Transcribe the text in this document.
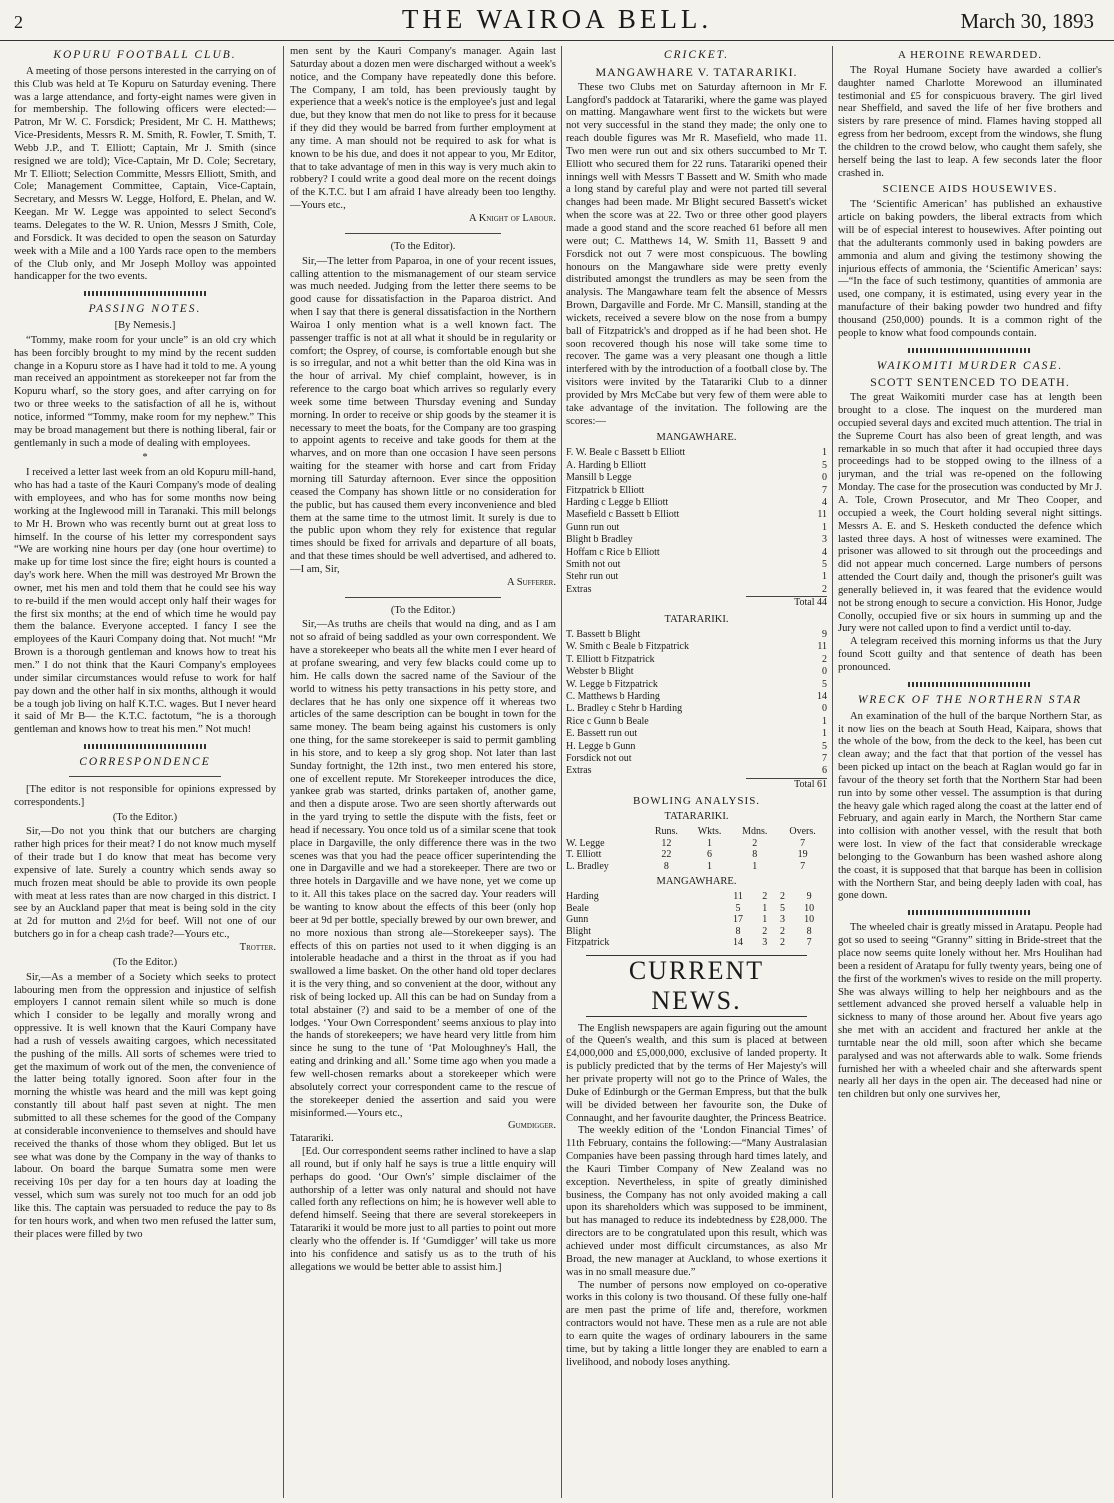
2	THE WAIROA BELL.	March 30, 1893
KOPURU FOOTBALL CLUB.

A meeting of those persons interested in the carrying on of this Club was held at Te Kopuru on Saturday evening. There was a large attendance, and forty-eight names were given in for membership. The following officers were elected:—Patron, Mr W. C. Forsdick; President, Mr C. H. Matthews; Vice-Presidents, Messrs R. M. Smith, R. Fowler, T. Smith, T. Webb J.P., and T. Elliott; Captain, Mr J. Smith (since resigned we are told); Vice-Captain, Mr D. Cole; Secretary, Mr T. Elliott; Selection Committe, Messrs Elliott, Smith, and Cole; Management Committee, Captain, Vice-Captain, Secretary, and Messrs W. Legge, Holford, E. Phelan, and W. Keegan. Mr W. Legge was appointed to select Second's teams. Delegates to the W. R. Union, Messrs J Smith, Cole, and Forsdick. It was decided to open the season on Saturday week with a Mile and a 100 Yards race open to the members of the Club only, and Mr Joseph Molloy was appointed handicapper for the two events.

PASSING NOTES.
[By Nemesis.]

“Tommy, make room for your uncle” is an old cry which has been forcibly brought to my mind by the recent sudden change in a Kopuru store as I have had it told to me. A young man received an appointment as storekeeper not far from the Kopuru wharf, so the story goes, and after carrying on for two or three weeks to the satisfaction of all he is, without notice, informed “Tommy, make room for my nephew.” This may be broad management but there is nothing liberal, fair or gentlemanly in such a mode of dealing with employees.

*

I received a letter last week from an old Kopuru mill-hand, who has had a taste of the Kauri Company's mode of dealing with employees, and who has for some months now being working at the Inglewood mill in Taranaki. This mill belongs to Mr H. Brown who was recently burnt out at great loss to himself. In the course of his letter my correspondent says “We are working nine hours per day (one hour overtime) to make up for time lost since the fire; eight hours is counted a day's work here. When the mill was destroyed Mr Brown the owner, met his men and told them that he could see his way to re-build if the men would accept only half their wages for the first six months; at the end of which time he would pay them the balance. Everyone accepted. I fancy I see the employees of the Kauri Company doing that. Not much! “Mr Brown is a thorough gentleman and knows how to treat his men.” I do not think that the Kauri Company's employees under similar circumstances would refuse to work for half pay down and the other half in six months, although it would be a tough job living on half K.T.C. wages. But I never heard it said of Mr B— the K.T.C. factotum, “he is a thorough gentleman and knows how to treat his men.” Not much!

CORRESPONDENCE

[The editor is not responsible for opinions expressed by correspondents.]

(To the Editor.)

Sir,—Do not you think that our butchers are charging rather high prices for their meat? I do not know much myself of their trade but I do know that meat has become very expensive of late. Surely a country which sends away so much frozen meat should be able to provide its own people with meat at less rates than are now charged in this district. I see by an Auckland paper that meat is being sold in the city at 2d for mutton and 2½d for beef. Will not one of our butchers go in for a cheap cash trade?—Yours etc.,

Trotter.

(To the Editor.)

Sir,—As a member of a Society which seeks to protect labouring men from the oppression and injustice of selfish employers I cannot remain silent while so much is done which I consider to be legally and morally wrong and oppressive. It is well known that the Kauri Company have had a rush of vessels awaiting cargoes, which necessitated the pushing of the mills. All sorts of schemes were tried to get the maximum of work out of the men, the convenience of the latter being totally ignored. Soon after four in the morning the whistle was heard and the mill was kept going constantly till about half past seven at night. The men submitted to all these schemes for the good of the Company at considerable inconvenience to themselves and should have received the thanks of those whom they obliged. But let us see what was done by the Company in the way of thanks to labour. On board the barque Sumatra some men were receiving 10s per day for a ten hours day at loading the vessel, which sum was surely not too much for an odd job like this. The captain was persuaded to reduce the pay to 8s for ten hours work, and when two men refused the latter sum, their places were filled by two

men sent by the Kauri Company's manager. Again last Saturday about a dozen men were discharged without a week's notice, and the Company have repeatedly done this before. The Company, I am told, has been previously taught by experience that a week's notice is the employee's just and legal due, but they know that men do not like to press for it because if they did they would be barred from further employment at any time. A man should not be required to ask for what is known to be his due, and does it not appear to you, Mr Editor, that to take advantage of men in this way is very much akin to robbery? I could write a good deal more on the recent doings of the K.T.C. but I am afraid I have already been too lengthy.—Yours etc.,

A Knight of Labour.

(To the Editor).

Sir,—The letter from Paparoa, in one of your recent issues, calling attention to the mismanagement of our steam service was much needed. Judging from the letter there seems to be good cause for dissatisfaction in the Paparoa district. And when I say that there is general dissatisfaction in the Northern Wairoa I only mention what is a well known fact. The passenger traffic is not at all what it should be in regularity or comfort; the Osprey, of course, is comfortable enough but she is so irregular, and not a whit better than the old Kina was in the hour of arrival. My chief complaint, however, is in reference to the cargo boat which arrives so regularly every week some time between Thursday evening and Sunday morning. In order to receive or ship goods by the steamer it is necessary to meet the boats, for the Company are too grasping to appoint agents to receive and take goods for them at the wharves, and on more than one occasion I have seen persons waiting for the steamer with horse and cart from Friday morning till Saturday afternoon. Ever since the opposition ceased the Company has shown little or no consideration for the public, but has caused them every inconvenience and bled them at the same time to the utmost limit. It surely is due to the public upon whom they rely for existence that regular times should be fixed for arrivals and departure of all boats, and that these times should be well advertised, and adhered to.—I am, Sir,

A Sufferer.

(To the Editor.)

Sir,—As truths are cheils that would na ding, and as I am not so afraid of being saddled as your own correspondent. We have a storekeeper who beats all the white men I ever heard of at profane swearing, and very few blacks could come up to him. He calls down the sacred name of the Saviour of the world to witness his petty transactions in his petty store, and declares that he has only one sixpence off it whereas two articles of the same description can be bought in town for the same money. The beam being against his customers is only one thing, for the same storekeeper is said to permit gambling in his store, and to keep a sly grog shop. Not later than last Sunday fortnight, the 12th inst., two men entered his store, one of excellent repute. Mr Storekeeper introduces the dice, yankee grab was started, drinks partaken of, another game, and then a dispute arose. Two are seen shortly afterwards out in the yard trying to settle the dispute with the fists, feet or head if necessary. You once told us of a similar scene that took place in Dargaville, the only difference there was in the two scenes was that you had the peace officer superintending the one in Dargaville and we had a storekeeper. There are two or three hotels in Dargaville and we have none, yet we come up to it. All this takes place on the sacred day. Your readers will be wanting to know about the effects of this beer (only hop beer at 9d per bottle, specially brewed by our own brewer, and no more noxious than strong ale—Storekeeper says). The effects of this on parties not used to it when digging is an intolerable headache and a thirst in the throat as if you had swallowed a lime basket. On the other hand old toper declares it is the very thing, and so convenient at the door, without any risk of being locked up. All this can be had on Sunday from a total abstainer (?) and said to be a member of one of the lodges. ‘Your Own Correspondent’ seems anxious to play into the hands of storekeepers; we have heard very little from him since he sung to the tune of ‘Pat Moloughney's Hall, the eating and drinking and all.’ Some time ago when you made a few well-chosen remarks about a storekeeper which were absolutely correct your correspondent came to the rescue of the storekeeper denied the assertion and said you were misinformed.—Yours etc.,

Gumdigger.

Tatarariki.

[Ed. Our correspondent seems rather inclined to have a slap all round, but if only half he says is true a little enquiry will perhaps do good. ‘Our Own's’ simple disclaimer of the authorship of a letter was only natural and should not have called forth any reflections on him; he is however well able to defend himself. Seeing that there are several storekeepers in Tatarariki it would be more just to all parties to point out more clearly who the offender is. If ‘Gumdigger’ will take us more into his confidence and satisfy us as to the truth of his allegations we would be better able to assist him.]

CRICKET.
MANGAWHARE V. TATARARIKI.

These two Clubs met on Saturday afternoon in Mr F. Langford's paddock at Tatarariki, where the game was played on matting. Mangawhare went first to the wickets but were not very successful in the stand they made; the only one to reach double figures was Mr R. Masefield, who made 11. Two men were run out and six others succumbed to Mr T. Elliott who secured them for 22 runs. Tatarariki opened their innings well with Messrs T Bassett and W. Smith who made a long stand by careful play and were not parted till several changes had been made. Mr Blight secured Bassett's wicket when the score was at 22. Two or three other good players made a good stand and the score reached 61 before all men were out; C. Matthews 14, W. Smith 11, Bassett 9 and Forsdick not out 7 were most conspicuous. The bowling honours on the Mangawhare side were pretty evenly distributed amongst the trundlers as may be seen from the analysis. The Mangawhare team felt the absence of Messrs Brown, Dargaville and Forde. Mr C. Mansill, standing at the wickets, received a severe blow on the nose from a bumpy ball of Fitzpatrick's and dropped as if he had been shot. He soon recovered though his nose will take some time to recover. The game was a very pleasant one though a little interfered with by the introduction of a football close by. The visitors were invited by the Tatarariki Club to a dinner provided by Mrs McCabe but very few of them were able to take advantage of the invitation. The following are the scores:—

MANGAWHARE.
F. W. Beale c Bassett b Elliott	1
A. Harding b Elliott	5
Mansill b Legge	0
Fitzpatrick b Elliott	7
Harding c Legge b Elliott	4
Masefield c Bassett b Elliott	11
Gunn run out	1
Blight b Bradley	3
Hoffam c Rice b Elliott	4
Smith not out	5
Stehr run out	1
Extras	2
Total 44
TATARARIKI.
T. Bassett b Blight	9
W. Smith c Beale b Fitzpatrick	11
T. Elliott b Fitzpatrick	2
Webster b Blight	0
W. Legge b Fitzpatrick	5
C. Matthews b Harding	14
L. Bradley c Stehr b Harding	0
Rice c Gunn b Beale	1
E. Bassett run out	1
H. Legge b Gunn	5
Forsdick not out	7
Extras	6
Total 61
BOWLING ANALYSIS.
TATARARIKI.
	Runs.	Wkts.	Mdns.	Overs.
W. Legge	12	1	2	7
T. Elliott	22	6	8	19
L. Bradley	8	1	1	7
MANGAWHARE.
Harding	11	2	2	9
Beale	5	1	5	10
Gunn	17	1	3	10
Blight	8	2	2	8
Fitzpatrick	14	3	2	7
CURRENT NEWS.

The English newspapers are again figuring out the amount of the Queen's wealth, and this sum is placed at between £4,000,000 and £5,000,000, exclusive of landed property. It is publicly predicted that by the terms of Her Majesty's will her private property will not go to the Prince of Wales, the Duke of Edinburgh or the German Empress, but that the bulk will be divided between her favourite son, the Duke of Connaught, and her favourite daughter, the Princess Beatrice.

The weekly edition of the ‘London Financial Times’ of 11th February, contains the following:—“Many Australasian Companies have been passing through hard times lately, and the Kauri Timber Company of New Zealand was no exception. Nevertheless, in spite of greatly diminished business, the Company has not only avoided making a call upon its shareholders which was supposed to be imminent, but has managed to reduce its indebtedness by £28,000. The directors are to be congratulated upon this result, which was achieved under most difficult circumstances, as also Mr Broad, the new manager at Auckland, to whose exertions it was in no small measure due.”

The number of persons now employed on co-operative works in this colony is two thousand. Of these fully one-half are men past the prime of life and, therefore, workmen contractors would not have. These men as a rule are not able to earn quite the wages of ordinary labourers in the same time, but by taking a little longer they are enabled to earn a livelihood, and nobody loses anything.

A HEROINE REWARDED.

The Royal Humane Society have awarded a collier's daughter named Charlotte Morewood an illuminated testimonial and £5 for conspicuous bravery. The girl lived near Sheffield, and saved the life of her five brothers and sisters by rare presence of mind. Flames having stopped all egress from her bedroom, except from the windows, she flung the children to the crowd below, who caught them safely, she herself being the last to leap. A few seconds later the floor crashed in.

SCIENCE AIDS HOUSEWIVES.

The ‘Scientific American’ has published an exhaustive article on baking powders, the liberal extracts from which will be of especial interest to housewives. After pointing out that the adulterants commonly used in baking powders are ammonia and alum and giving the testimony showing the injurious effects of ammonia, the ‘Scientific American’ says:—“In the face of such testimony, quantities of ammonia are used, one company, it is estimated, using every year in the manufacture of their baking powder two hundred and fifty thousand (250,000) pounds. It is a common right of the people to know what food compounds contain.

WAIKOMITI MURDER CASE.
SCOTT SENTENCED TO DEATH.

The great Waikomiti murder case has at length been brought to a close. The inquest on the murdered man occupied several days and excited much attention. The trial in the Supreme Court has also been of great length, and was remarkable in so much that after it had occupied three days proceedings had to be stopped owing to the illness of a juryman, and the trial was re-opened on the following Monday. The case for the prosecution was conducted by Mr J. A. Tole, Crown Prosecutor, and Mr Theo Cooper, and occupied a week, the Court holding several night sittings. Messrs A. E. and S. Hesketh conducted the defence which lasted three days. A host of witnesses were examined. The prisoner was allowed to sit through out the proceedings and did not appear much concerned. Large numbers of persons attended the Court daily and, though the prisoner's guilt was generally believed in, it was feared that the evidence would not be strong enough to secure a conviction. His Honor, Judge Conolly, occupied five or six hours in summing up and the Jury were not called upon to find a verdict until to-day.

A telegram received this morning informs us that the Jury found Scott guilty and that sentence of death has been pronounced.

WRECK OF THE NORTHERN STAR

An examination of the hull of the barque Northern Star, as it now lies on the beach at South Head, Kaipara, shows that the whole of the bow, from the deck to the keel, has been cut clean away; and the fact that that portion of the vessel has been picked up intact on the beach at Raglan would go far in favour of the theory set forth that the Northern Star had been run into by some other vessel. The assumption is that during the heavy gale which raged along the coast at the latter end of February, and again early in March, the Northern Star came into collision with another vessel, with the result that both were lost. In view of the fact that considerable wreckage belonging to the Gowanburn has been washed ashore along the coast, it is supposed that that barque has been in collision with the Northern Star, and being deeply laden with coal, has gone down.

The wheeled chair is greatly missed in Aratapu. People had got so used to seeing “Granny” sitting in Bride-street that the place now seems quite lonely without her. Mrs Houlihan had been a resident of Aratapu for fully twenty years, being one of the first of the workmen's wives to reside on the mill property. She was always willing to help her neighbours and as the settlement advanced she proved herself a valuable help in sickness to many of those around her. About five years ago she met with an accident and fractured her ankle at the turntable near the old mill, soon after which she became paralysed and was not afterwards able to walk. Some friends furnished her with a wheeled chair and she afterwards spent nearly all her days in the open air. The deceased had nine or ten children but only one survives her,
